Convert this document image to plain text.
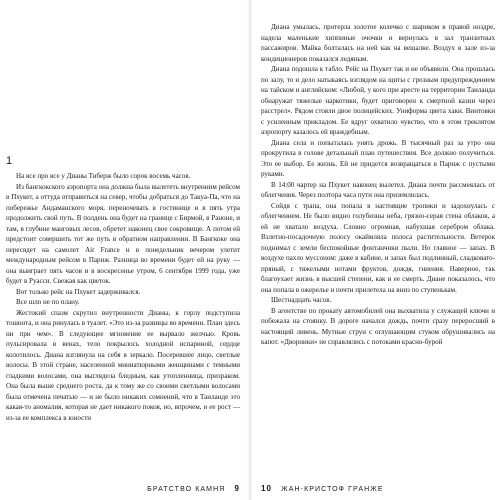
1

На все про все у Дианы Тиберж было сорок восемь часов.

Из бангкокского аэропорта она должна была вылететь внутренним рейсом в Пхукет, а оттуда отправиться на север, чтобы добраться до Такуа-Па, что на побережье Андаманского моря, переночевать в гостинице и в пять утра продолжить свой путь. В полдень она будет на границе с Бирмой, в Раноне, и там, в глубине манговых лесов, обретет наконец свое сокровище. А потом ей предстоит совершить тот же путь в обратном направлении. В Бангкоке она пересядет на самолет Air France и в понедельник вечером улетит международным рейсом в Париж. Разница во времени будет ей на руку — она выиграет пять часов и в воскресенье утром, 6 сентября 1999 года, уже будет в Руасси. Свежая как цветок.

Вот только рейс на Пхукет задерживался.

Все шло не по плану.

Жестокий спазм скрутил внутренности Дианы, к горлу подступила тошнота, и она ринулась в туалет. «Это из-за разницы во времени. План здесь ни при чем». В следующее мгновение ее вырвало желчью. Кровь пульсировала в венах, тело покрылось холодной испариной, сердце колотилось. Диана взглянула на себя в зеркало. Посеревшее лицо, светлые волосы. В этой стране, населенной миниатюрными женщинами с темными гладкими волосами, она выглядела бледным, как утопленница, призраком. Она была выше среднего роста, да к тому же со своими светлыми волосами была отмечена печатью — и не было никаких сомнений, что в Таиланде это какая-то аномалия, которая не дает никакого покоя, но, впрочем, и ее рост — из-за ее комплекса в юности

БРАТСТВО КАМНЯ 9

Диана умылась, протерла золотое колечко с шариком в правой ноздре, надела маленькие хиппиные очочки и вернулась в зал транзитных пассажиров. Майка болталась на ней как на вешалке. Воздух в зале из-за кондиционеров показался ледяным.

Диана подошла к табло. Рейс на Пхукет так и не объявили. Она прошлась по залу, то и дело натыкаясь взглядом на щиты с грозным предупреждением на тайском и английском: «Любой, у кого при аресте на территории Таиланда обнаружат тяжелые наркотики, будет приговорен к смертной казни через расстрел». Рядом стояли двое полицейских. Униформа цвета хаки. Винтовки с усиленным прикладом. Ее вдруг охватило чувство, что в этом треклятом аэропорту казалось ей враждебным.

Диана села и попыталась унять дрожь. В тысячный раз за утро она прокрутила в голове детальный план путешествия. Все должно получиться. Это ее выбор. Ее жизнь. Ей не придется возвращаться в Париж с пустыми руками.

В 14:00 чартер на Пхукет наконец вылетел. Диана почти рассмеялась от облегчения. Через полтора часа пути она приземлилась.

Сойдя с трапа, она попала в настоящие тропики и задохнулась с облегчением. Не было видно голубизны неба, грязно-серая стена облаков, а ей не хватало воздуха. Словно огромная, набухшая серебром облака. Взлетно-посадочную полосу окаймляла полоса растительности. Ветерок поднимал с земли беспокойные фонтанчики пыли. Но главное — запах. В воздухе пахло муссоном: даже в кабине, и запах был подлинный, сладковато-пряный, с тяжелыми нотами фруктов, дождя, гниения. Наверное, так благоухает жизнь в высшей степени, как и ее смерть. Диане показалось, что она попала в ожерелье и почти прилетела на вниз по ступенькам.

Шестнадцать часов.

В агентстве по прокату автомобилей она выхватила у служащей ключи и побежала на стоянку. В дороге начался дождь, почти сразу переросший в настоящий ливень. Мутные струи с оглушающим стуком обрушивались на капот. «Дворники» не справлялись с потоками красно-бурой

10 ЖАН-КРИСТОФ ГРАНЖЕ
